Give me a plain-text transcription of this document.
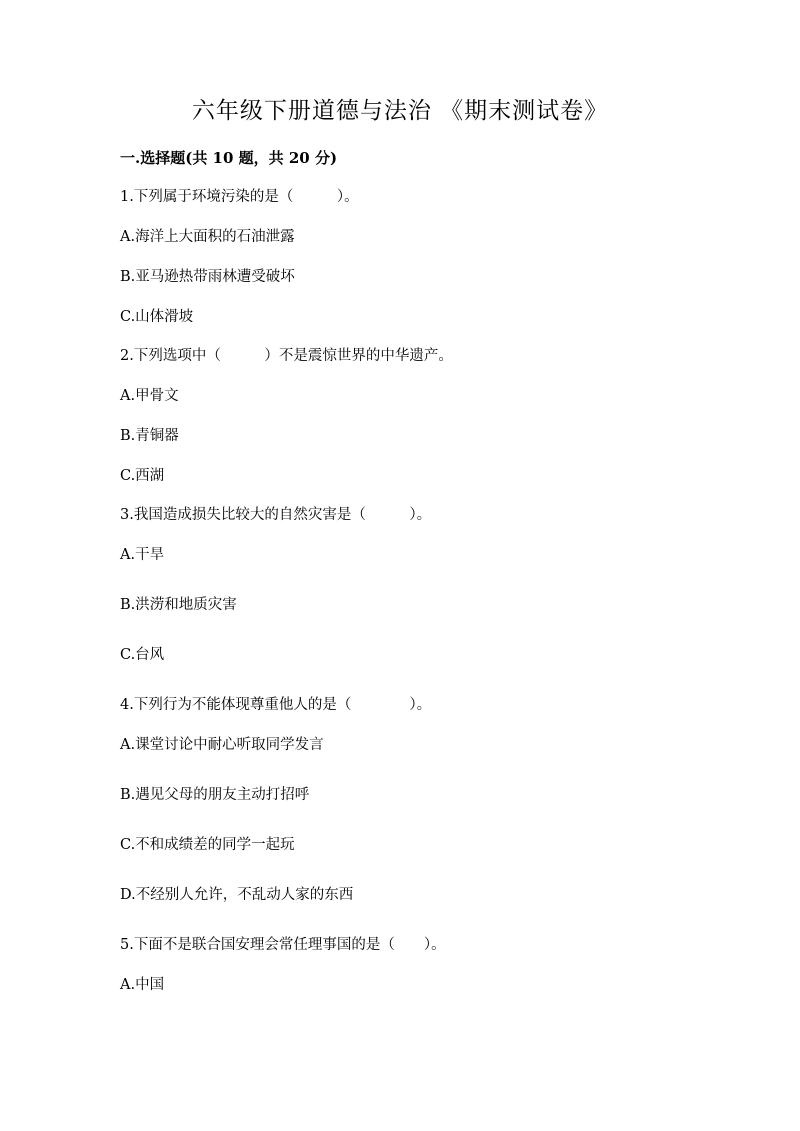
六年级下册道德与法治 《期末测试卷》
一.选择题(共 10 题，共 20 分)
1.下列属于环境污染的是（　　　）。
A.海洋上大面积的石油泄露
B.亚马逊热带雨林遭受破坏
C.山体滑坡
2.下列选项中（　　　）不是震惊世界的中华遗产。
A.甲骨文
B.青铜器
C.西湖
3.我国造成损失比较大的自然灾害是（　　　）。
A.干旱
B.洪涝和地质灾害
C.台风
4.下列行为不能体现尊重他人的是（　　　　）。
A.课堂讨论中耐心听取同学发言
B.遇见父母的朋友主动打招呼
C.不和成绩差的同学一起玩
D.不经别人允许，不乱动人家的东西
5.下面不是联合国安理会常任理事国的是（　　）。
A.中国
